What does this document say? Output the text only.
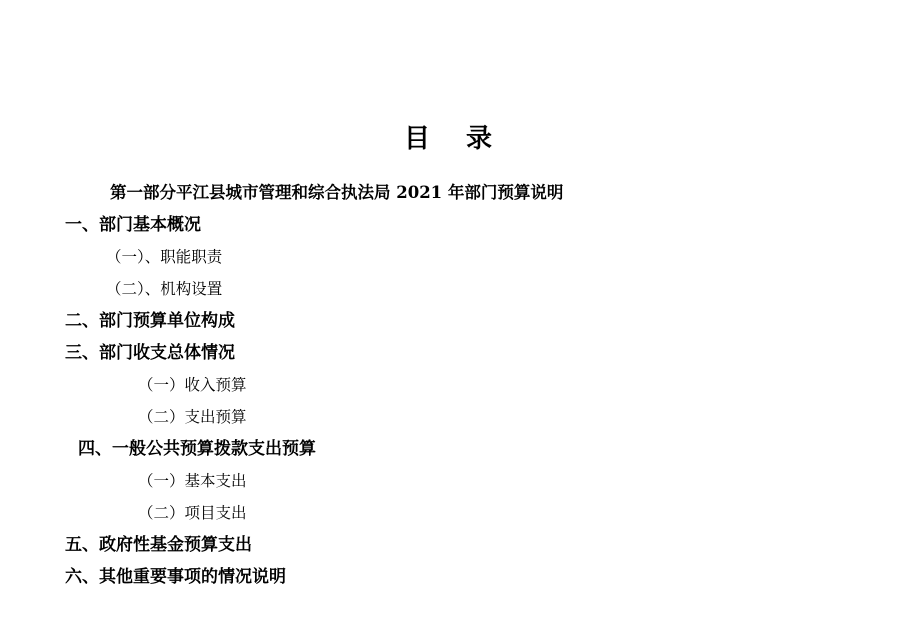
目 录
第一部分平江县城市管理和综合执法局 2021 年部门预算说明
一、部门基本概况
（一）、职能职责
（二）、机构设置
二、部门预算单位构成
三、部门收支总体情况
（一）收入预算
（二）支出预算
四、一般公共预算拨款支出预算
（一）基本支出
（二）项目支出
五、政府性基金预算支出
六、其他重要事项的情况说明
